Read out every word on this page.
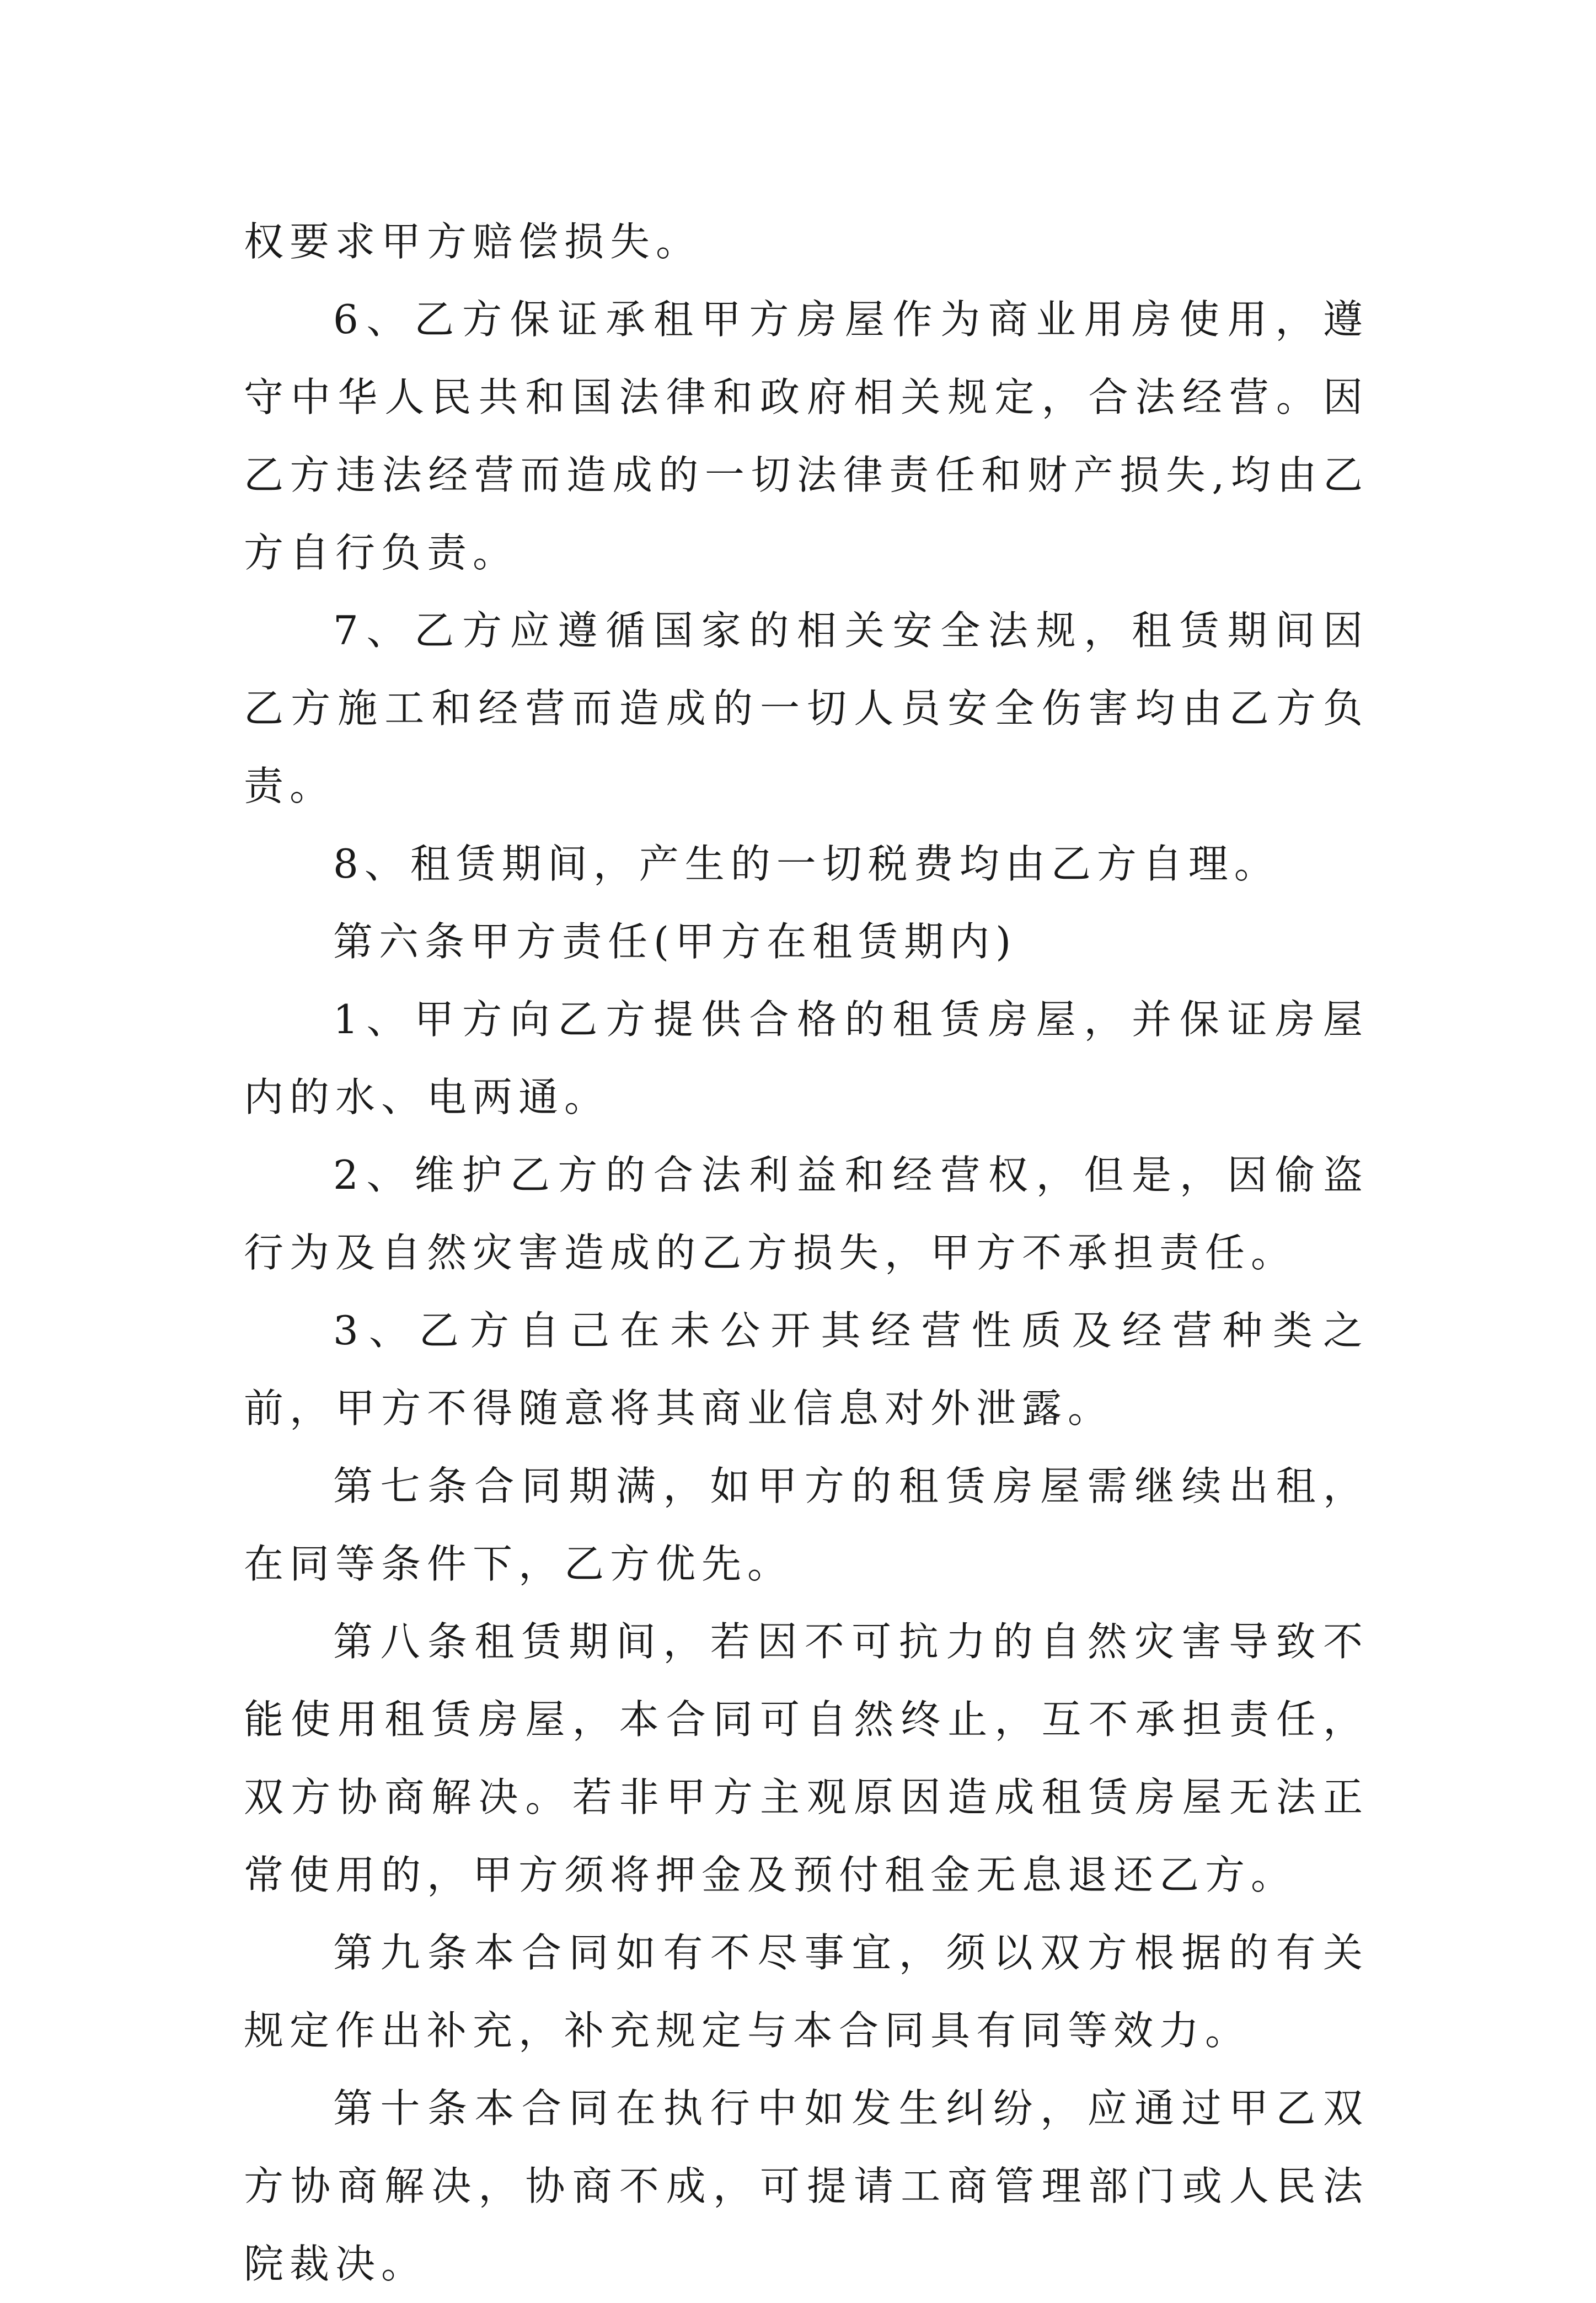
权要求甲方赔偿损失。

6、乙方保证承租甲方房屋作为商业用房使用，遵守中华人民共和国法律和政府相关规定，合法经营。因乙方违法经营而造成的一切法律责任和财产损失,均由乙方自行负责。

7、乙方应遵循国家的相关安全法规，租赁期间因乙方施工和经营而造成的一切人员安全伤害均由乙方负责。

8、租赁期间，产生的一切税费均由乙方自理。

第六条甲方责任(甲方在租赁期内)

1、甲方向乙方提供合格的租赁房屋，并保证房屋内的水、电两通。

2、维护乙方的合法利益和经营权，但是，因偷盗行为及自然灾害造成的乙方损失，甲方不承担责任。

3、乙方自己在未公开其经营性质及经营种类之前，甲方不得随意将其商业信息对外泄露。

第七条合同期满，如甲方的租赁房屋需继续出租，在同等条件下，乙方优先。

第八条租赁期间，若因不可抗力的自然灾害导致不能使用租赁房屋，本合同可自然终止，互不承担责任，双方协商解决。若非甲方主观原因造成租赁房屋无法正常使用的，甲方须将押金及预付租金无息退还乙方。

第九条本合同如有不尽事宜，须以双方根据的有关规定作出补充，补充规定与本合同具有同等效力。

第十条本合同在执行中如发生纠纷，应通过甲乙双方协商解决，协商不成，可提请工商管理部门或人民法院裁决。
